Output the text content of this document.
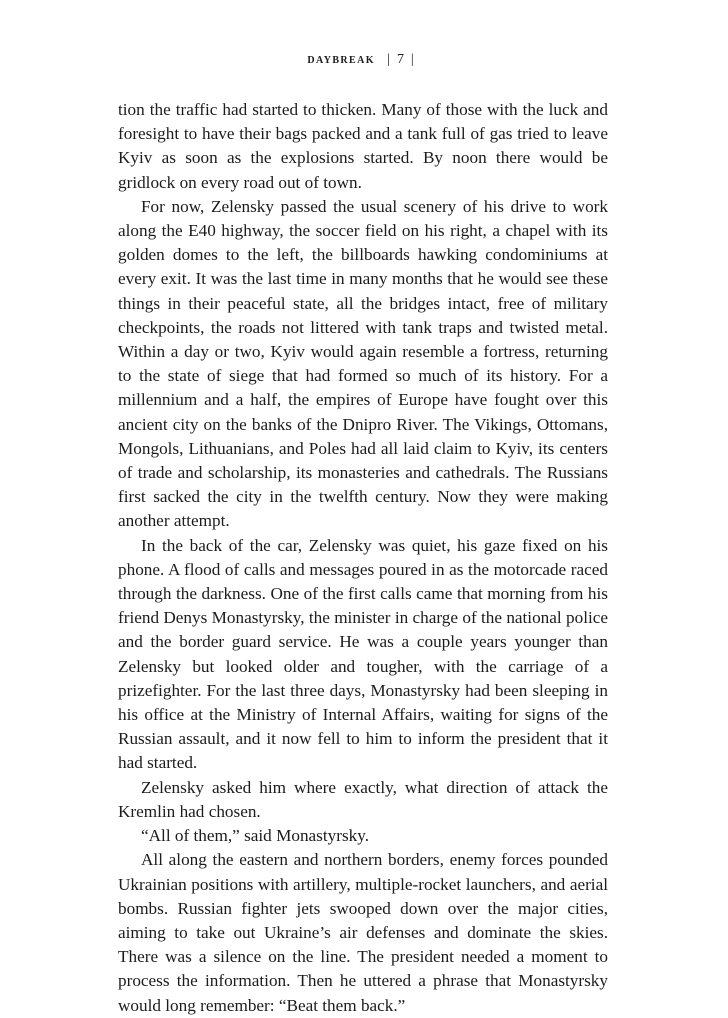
daybreak | 7 |

tion the traffic had started to thicken. Many of those with the luck and foresight to have their bags packed and a tank full of gas tried to leave Kyiv as soon as the explosions started. By noon there would be gridlock on every road out of town.

For now, Zelensky passed the usual scenery of his drive to work along the E40 highway, the soccer field on his right, a chapel with its golden domes to the left, the billboards hawking condominiums at every exit. It was the last time in many months that he would see these things in their peaceful state, all the bridges intact, free of military checkpoints, the roads not littered with tank traps and twisted metal. Within a day or two, Kyiv would again resemble a fortress, returning to the state of siege that had formed so much of its history. For a millennium and a half, the empires of Europe have fought over this ancient city on the banks of the Dnipro River. The Vikings, Ottomans, Mongols, Lithuanians, and Poles had all laid claim to Kyiv, its centers of trade and scholarship, its monasteries and cathedrals. The Russians first sacked the city in the twelfth century. Now they were making another attempt.

In the back of the car, Zelensky was quiet, his gaze fixed on his phone. A flood of calls and messages poured in as the motorcade raced through the darkness. One of the first calls came that morning from his friend Denys Monastyrsky, the minister in charge of the national police and the border guard service. He was a couple years younger than Zelensky but looked older and tougher, with the carriage of a prizefighter. For the last three days, Monastyrsky had been sleeping in his office at the Ministry of Internal Affairs, waiting for signs of the Russian assault, and it now fell to him to inform the president that it had started.

Zelensky asked him where exactly, what direction of attack the Kremlin had chosen.

“All of them,” said Monastyrsky.

All along the eastern and northern borders, enemy forces pounded Ukrainian positions with artillery, multiple-rocket launchers, and aerial bombs. Russian fighter jets swooped down over the major cities, aiming to take out Ukraine’s air defenses and dominate the skies. There was a silence on the line. The president needed a moment to process the information. Then he uttered a phrase that Monastyrsky would long remember: “Beat them back.”
